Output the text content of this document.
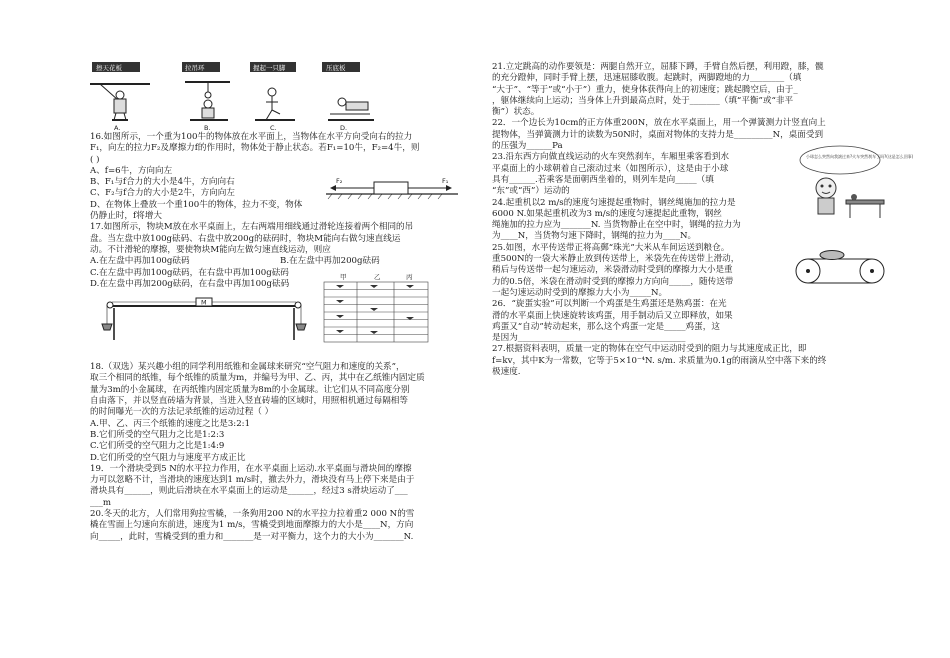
擦天花板	拉吊环	握起一只脚	压底板
A.	B.	C.	D.

16.如图所示，一个重为100牛的物体放在水平面上，当物体在水平方向受向右的拉力

F₁，向左的拉力F₂及摩擦力f的作用时，物体处于静止状态。若F₁=10牛，F₂=4牛，则

( )

A、f=6牛，方向向左

B、F₁与f合力的大小是4牛，方向向右

C、F₂与f合力的大小是2牛，方向向左

D、在物体上叠放一个重100牛的物体，拉力不变，物体

仍静止时，f将增大

F₂	F₁

17.如图所示，物块M放在水平桌面上，左右两端用细线通过滑轮连接着两个相同的吊

盘。当左盘中放100g砝码、右盘中放200g的砝码时，物块M能向右做匀速直线运

动。不计滑轮的摩擦，要使物块M能向左做匀速直线运动，则应

A.在左盘中再加100g砝码	B.在左盘中再加200g砝码

C.在左盘中再加100g砝码，在右盘中再加100g砝码

D.在左盘中再加200g砝码，在右盘中再加100g砝码

M
甲	乙	丙

18.（双选）某兴趣小组的同学利用纸锥和金属球来研究“空气阻力和速度的关系”，

取三个相同的纸锥，每个纸锥的质量为m，并编号为甲、乙、丙，其中在乙纸锥内固定质

量为3m的小金属球，在丙纸锥内固定质量为8m的小金属球。让它们从不同高度分别

自由落下，并以竖直砖墙为背景，当进入竖直砖墙的区域时，用照相机通过每隔相等

的时间曝光一次的方法记录纸锥的运动过程（ ）

A.甲、乙、丙三个纸锥的速度之比是3:2:1

B.它们所受的空气阻力之比是1:2:3

C.它们所受的空气阻力之比是1:4:9

D.它们所受的空气阻力与速度平方成正比

19．一个滑块受到5 N的水平拉力作用，在水平桌面上运动.水平桌面与滑块间的摩擦

力可以忽略不计，当滑块的速度达到1 m/s时，撤去外力，滑块没有马上停下来是由于

滑块具有______，则此后滑块在水平桌面上的运动是______，经过3 s滑块运动了___

___m

20.冬天的北方，人们常用狗拉雪橇，一条狗用200 N的水平拉力拉着重2 000 N的雪

橇在雪面上匀速向东前进，速度为1 m/s，雪橇受到地面摩擦力的大小是____N，方向

向_____，此时，雪橇受到的重力和_______是一对平衡力，这个力的大小为_______N.

21.立定跳高的动作要领是：两腿自然开立，屈膝下蹲，手臂自然后摆，利用蹬，膝，髋

的充分蹬伸，同时手臂上摆，迅速屈膝收腹。起跳时，两脚蹬地的力________（填

“大于”、“等于”或“小于”）重力，使身体获得向上的初速度；跳起腾空后，由于_

，躯体继续向上运动；当身体上升到最高点时，处于_______（填“平衡”或“非平

衡”）状态。

22．一个边长为10cm的正方体重200N，放在水平桌面上，用一个弹簧测力计竖直向上

提物体，当弹簧测力计的读数为50N时，桌面对物体的支持力是_________N，桌面受到

的压强为______Pa

23.沿东西方向做直线运动的火车突然刹车，车厢里乘客看到水

平桌面上的小球朝着自己滚动过来（如图所示），这是由于小球

具有______.若乘客是面朝西坐着的，则列车是向_____（填

“东”或“西”）运动的

小球怎么突然向我滚过来?火车突然刹车了吗?(这是怎么回事)

24.起重机以2 m/s的速度匀速提起重物时，钢丝绳施加的拉力是

6000 N.如果起重机改为3 m/s的速度匀速提起此重物，钢丝

绳施加的拉力应为_______N. 当货物静止在空中时，钢绳的拉力为

为____N，当货物匀速下降时，钢绳的拉力为____N。

25.如图，水平传送带正将高郵“珠光”大米从车间运送到粮仓。

重500N的一袋大米静止放到传送带上，米袋先在传送带上滑动，

稍后与传送带一起匀速运动，米袋滑动时受到的摩擦力大小是重

力的0.5倍，米袋在滑动时受到的摩擦力方向向_____，随传送带

一起匀速运动时受到的摩擦力大小为_____N。

26．“旋蛋实验”可以判断一个鸡蛋是生鸡蛋还是熟鸡蛋：在光

滑的水平桌面上快速旋转该鸡蛋，用手制动后又立即释放，如果

鸡蛋又“自动”转动起来，那么这个鸡蛋一定是_____鸡蛋，这

是因为_______________________________________

27.根据资料表明，质量一定的物体在空气中运动时受到的阻力与其速度成正比，即

f=kv，其中K为一常数，它等于5×10⁻⁴N. s/m. 求质量为0.1g的雨滴从空中落下来的终

极速度.
